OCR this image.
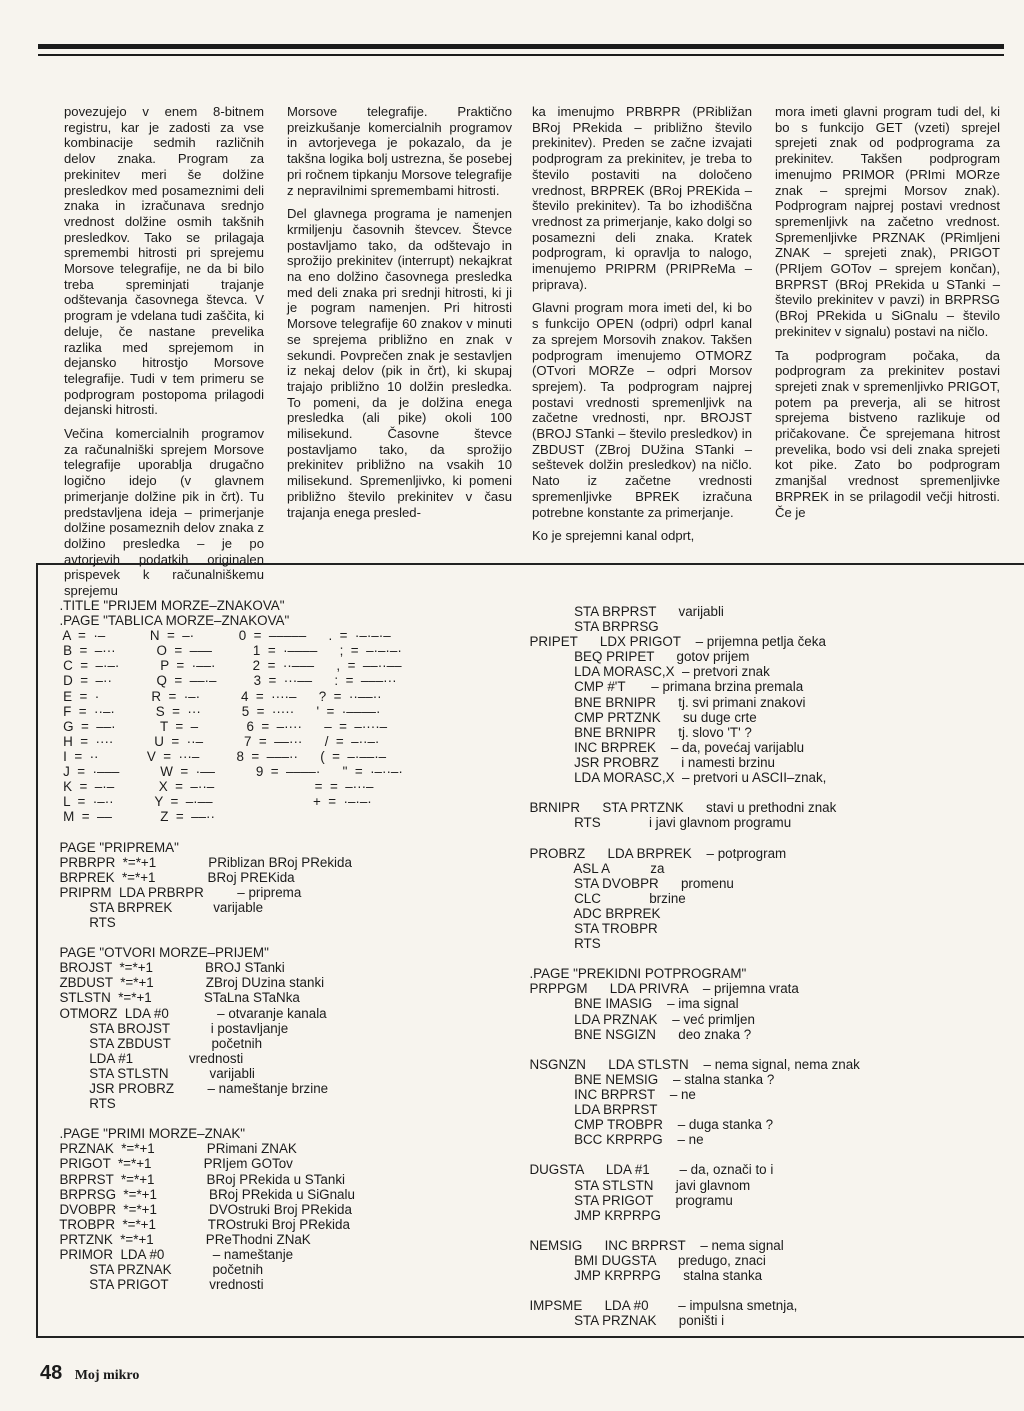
povezujejo v enem 8-bitnem registru, kar je zadosti za vse kombinacije sedmih različnih delov znaka. Program za prekinitev meri še dolžine presledkov med posameznimi deli znaka in izračunava srednjo vrednost dolžine osmih takšnih presledkov. Tako se prilagaja spremembi hitrosti pri sprejemu Morsove telegrafije, ne da bi bilo treba spreminjati trajanje odštevanja časovnega števca. V program je vdelana tudi zaščita, ki deluje, če nastane prevelika razlika med sprejemom in dejansko hitrostjo Morsove telegrafije. Tudi v tem primeru se podprogram postopoma prilagodi dejanski hitrosti.

Večina komercialnih programov za računalniški sprejem Morsove telegrafije uporablja drugačno logično idejo (v glavnem primerjanje dolžine pik in črt). Tu predstavljena ideja – primerjanje dolžine posameznih delov znaka z dolžino presledka – je po avtorjevih podatkih originalen prispevek k računalniškemu sprejemu

Morsove telegrafije. Praktično preizkušanje komercialnih programov in avtorjevega je pokazalo, da je takšna logika bolj ustrezna, še posebej pri ročnem tipkanju Morsove telegrafije z nepravilnimi spremembami hitrosti.

Del glavnega programa je namenjen krmiljenju časovnih števcev. Števce postavljamo tako, da odštevajo in sprožijo prekinitev (interrupt) nekajkrat na eno dolžino časovnega presledka med deli znaka pri srednji hitrosti, ki ji je pogram namenjen. Pri hitrosti Morsove telegrafije 60 znakov v minuti se sprejema približno en znak v sekundi. Povprečen znak je sestavljen iz nekaj delov (pik in črt), ki skupaj trajajo približno 10 dolžin presledka. To pomeni, da je dolžina enega presledka (ali pike) okoli 100 milisekund. Časovne števce postavljamo tako, da sprožijo prekinitev približno na vsakih 10 milisekund. Spremenljivko, ki pomeni približno število prekinitev v času trajanja enega presled-

ka imenujmo PRBRPR (PRibližan BRoj PRekida – približno število prekinitev). Preden se začne izvajati podprogram za prekinitev, je treba to število postaviti na določeno vrednost, BRPREK (BRoj PREKida – število prekinitev). Ta bo izhodiščna vrednost za primerjanje, kako dolgi so posamezni deli znaka. Kratek podprogram, ki opravlja to nalogo, imenujemo PRIPRM (PRIPReMa – priprava).

Glavni program mora imeti del, ki bo s funkcijo OPEN (odpri) odprl kanal za sprejem Morsovih znakov. Takšen podprogram imenujemo OTMORZ (OTvori MORZe – odpri Morsov sprejem). Ta podprogram najprej postavi vrednosti spremenljivk na začetne vrednosti, npr. BROJST (BROJ STanki – število presledkov) in ZBDUST (ZBroj DUžina STanki – seštevek dolžin presledkov) na ničlo. Nato iz začetne vrednosti spremenljivke BPREK izračuna potrebne konstante za primerjanje.

Ko je sprejemni kanal odprt,

mora imeti glavni program tudi del, ki bo s funkcijo GET (vzeti) sprejel sprejeti znak od podprograma za prekinitev. Takšen podprogram imenujmo PRIMOR (PRImi MORze znak – sprejmi Morsov znak). Podprogram najprej postavi vrednost spremenljivk na začetno vrednost. Spremenljivke PRZNAK (PRimljeni ZNAK – sprejeti znak), PRIGOT (PRIjem GOTov – sprejem končan), BRPRST (BRoj PRekida u STanki – število prekinitev v pavzi) in BRPRSG (BRoj PRekida u SiGnalu – število prekinitev v signalu) postavi na ničlo.

Ta podprogram počaka, da podprogram za prekinitev postavi sprejeti znak v spremenljivko PRIGOT, potem pa preverja, ali se hitrost sprejema bistveno razlikuje od pričakovane. Če sprejemana hitrost prevelika, bodo vsi deli znaka sprejeti kot pike. Zato bo podprogram zmanjšal vrednost spremenljivke BRPREK in se prilagodil večji hitrosti. Če je

.TITLE "PRIJEM MORZE–ZNAKOVA"
.PAGE "TABLICA MORZE–ZNAKOVA"
A  =  ·–            N  =  –·            0  =  –––––      .  =  ·–·–·–
B  =  –···           O  =  –––           1  =  ·––––      ;  =  –·–·–·
C  =  –·–·           P  =  ·––·          2  =  ··–––      ,  =  ––··––
D  =  –··            Q  =  ––·–          3  =  ···––      :  =  –––···
E  =  ·              R  =  ·–·           4  =  ····–      ?  =  ··––··
F  =  ··–·           S  =  ···           5  =  ·····      '  =  ·––––·
G  =  ––·            T  =  –             6  =  –····      –  =  –····–
H  =  ····           U  =  ··–           7  =  ––···      /  =  –··–·
I  =  ··             V  =  ···–          8  =  –––··      (  =  –·––·–
J  =  ·–––           W  =  ·––           9  =  ––––·      "  =  ·–··–·
K  =  –·–            X  =  –··–                           =  =  –···–
L  =  ·–··           Y  =  –·––                           +  =  ·–·–·
M  =  ––             Z  =  ––··
PAGE "PRIPREMA"
PRBRPR  *=*+1              PRiblizan BRoj PRekida
BRPREK  *=*+1              BRoj PREKida
PRIPRM  LDA PRBRPR         – priprema
STA BRPREK           varijable
RTS
PAGE "OTVORI MORZE–PRIJEM"
BROJST  *=*+1              BROJ STanki
ZBDUST  *=*+1              ZBroj DUzina stanki
STLSTN  *=*+1              STaLna STaNka
OTMORZ  LDA #0             – otvaranje kanala
STA BROJST           i postavljanje
STA ZBDUST           početnih
LDA #1               vrednosti
STA STLSTN           varijabli
JSR PROBRZ         – nameštanje brzine
RTS
.PAGE "PRIMI MORZE–ZNAK"
PRZNAK  *=*+1              PRimani ZNAK
PRIGOT  *=*+1              PRIjem GOTov
BRPRST  *=*+1              BRoj PRekida u STanki
BRPRSG  *=*+1              BRoj PRekida u SiGnalu
DVOBPR  *=*+1              DVOstruki Broj PRekida
TROBPR  *=*+1              TROstruki Broj PRekida
PRTZNK  *=*+1              PReThodni ZNaK
PRIMOR  LDA #0             – nameštanje
STA PRZNAK           početnih
STA PRIGOT           vrednosti
STA BRPRST      varijabli
STA BRPRSG
PRIPET      LDX PRIGOT    – prijemna petlja čeka
BEQ PRIPET      gotov prijem
LDA MORASC,X  – pretvori znak
CMP #'T       – primana brzina premala
BNE BRNIPR      tj. svi primani znakovi
CMP PRTZNK      su duge crte
BNE BRNIPR      tj. slovo 'T' ?
INC BRPREK    – da, povećaj varijablu
JSR PROBRZ      i namesti brzinu
LDA MORASC,X  – pretvori u ASCII–znak,
BRNIPR      STA PRTZNK      stavi u prethodni znak
RTS             i javi glavnom programu
PROBRZ      LDA BRPREK    – potprogram
ASL A           za
STA DVOBPR      promenu
CLC             brzine
ADC BRPREK
STA TROBPR
RTS
.PAGE "PREKIDNI POTPROGRAM"
PRPPGM      LDA PRIVRA    – prijemna vrata
BNE IMASIG    – ima signal
LDA PRZNAK    – već primljen
BNE NSGIZN      deo znaka ?
NSGNZN      LDA STLSTN    – nema signal, nema znak
BNE NEMSIG    – stalna stanka ?
INC BRPRST    – ne
LDA BRPRST
CMP TROBPR    – duga stanka ?
BCC KRPRPG    – ne
DUGSTA      LDA #1        – da, označi to i
STA STLSTN      javi glavnom
STA PRIGOT      programu
JMP KRPRPG
NEMSIG      INC BRPRST    – nema signal
BMI DUGSTA      predugo, znaci
JMP KRPRPG      stalna stanka
IMPSME      LDA #0        – impulsna smetnja,
STA PRZNAK      poništi i
48 Moj mikro
